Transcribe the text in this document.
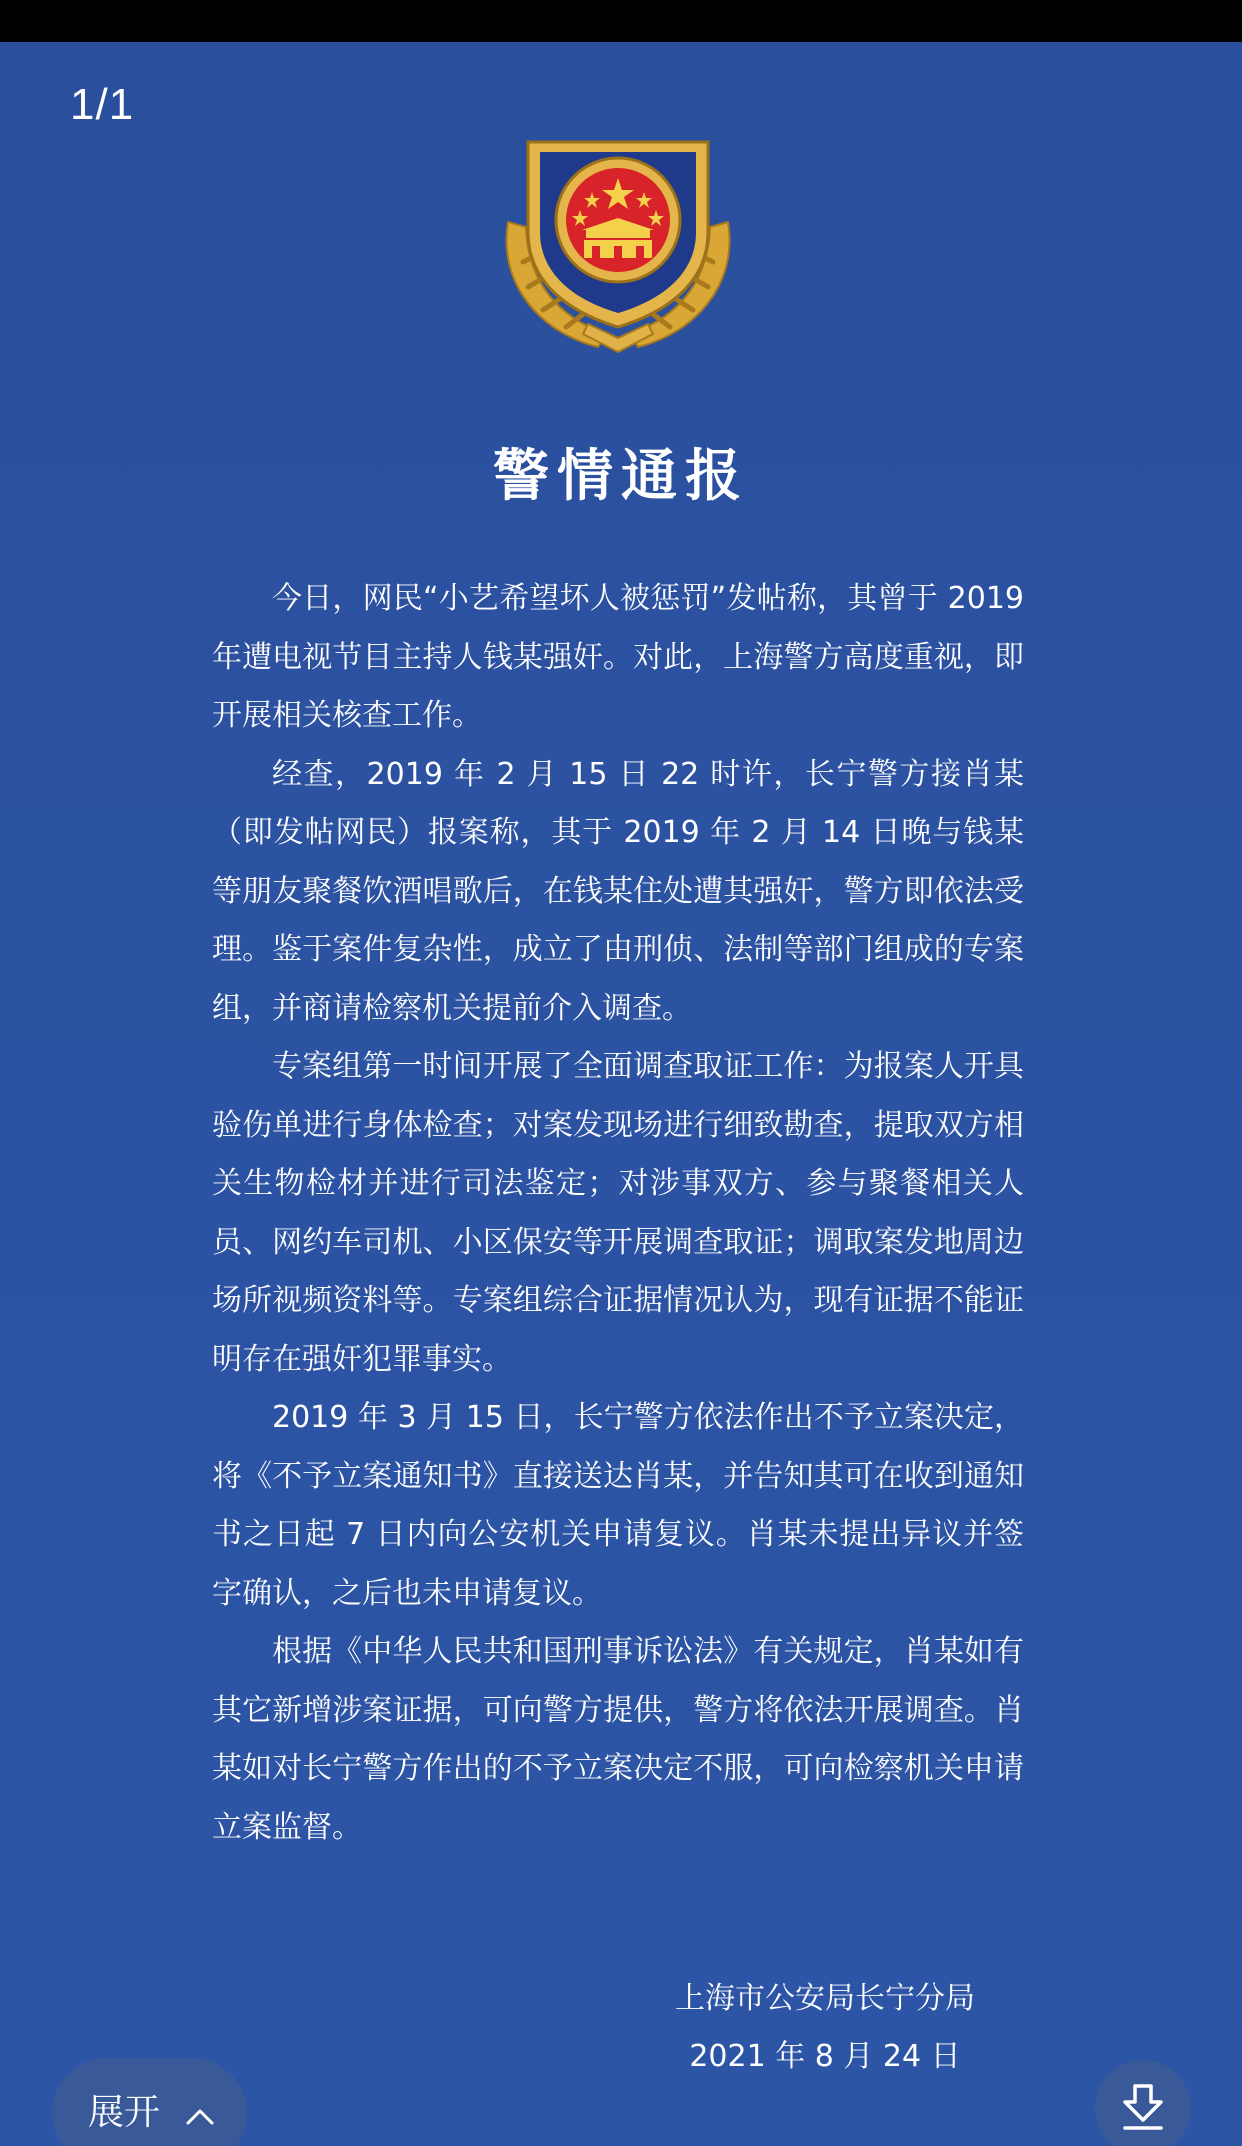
1/1
警情通报

今日，网民“小艺希望坏人被惩罚”发帖称，其曾于 2019 年遭电视节目主持人钱某强奸。对此，上海警方高度重视，即开展相关核查工作。

经查，2019 年 2 月 15 日 22 时许，长宁警方接肖某（即发帖网民）报案称，其于 2019 年 2 月 14 日晚与钱某等朋友聚餐饮酒唱歌后，在钱某住处遭其强奸，警方即依法受理。鉴于案件复杂性，成立了由刑侦、法制等部门组成的专案组，并商请检察机关提前介入调查。

专案组第一时间开展了全面调查取证工作：为报案人开具验伤单进行身体检查；对案发现场进行细致勘查，提取双方相关生物检材并进行司法鉴定；对涉事双方、参与聚餐相关人员、网约车司机、小区保安等开展调查取证；调取案发地周边场所视频资料等。专案组综合证据情况认为，现有证据不能证明存在强奸犯罪事实。

2019 年 3 月 15 日，长宁警方依法作出不予立案决定，将《不予立案通知书》直接送达肖某，并告知其可在收到通知书之日起 7 日内向公安机关申请复议。肖某未提出异议并签字确认，之后也未申请复议。

根据《中华人民共和国刑事诉讼法》有关规定，肖某如有其它新增涉案证据，可向警方提供，警方将依法开展调查。肖某如对长宁警方作出的不予立案决定不服，可向检察机关申请立案监督。

上海市公安局长宁分局
2021 年 8 月 24 日
展开
